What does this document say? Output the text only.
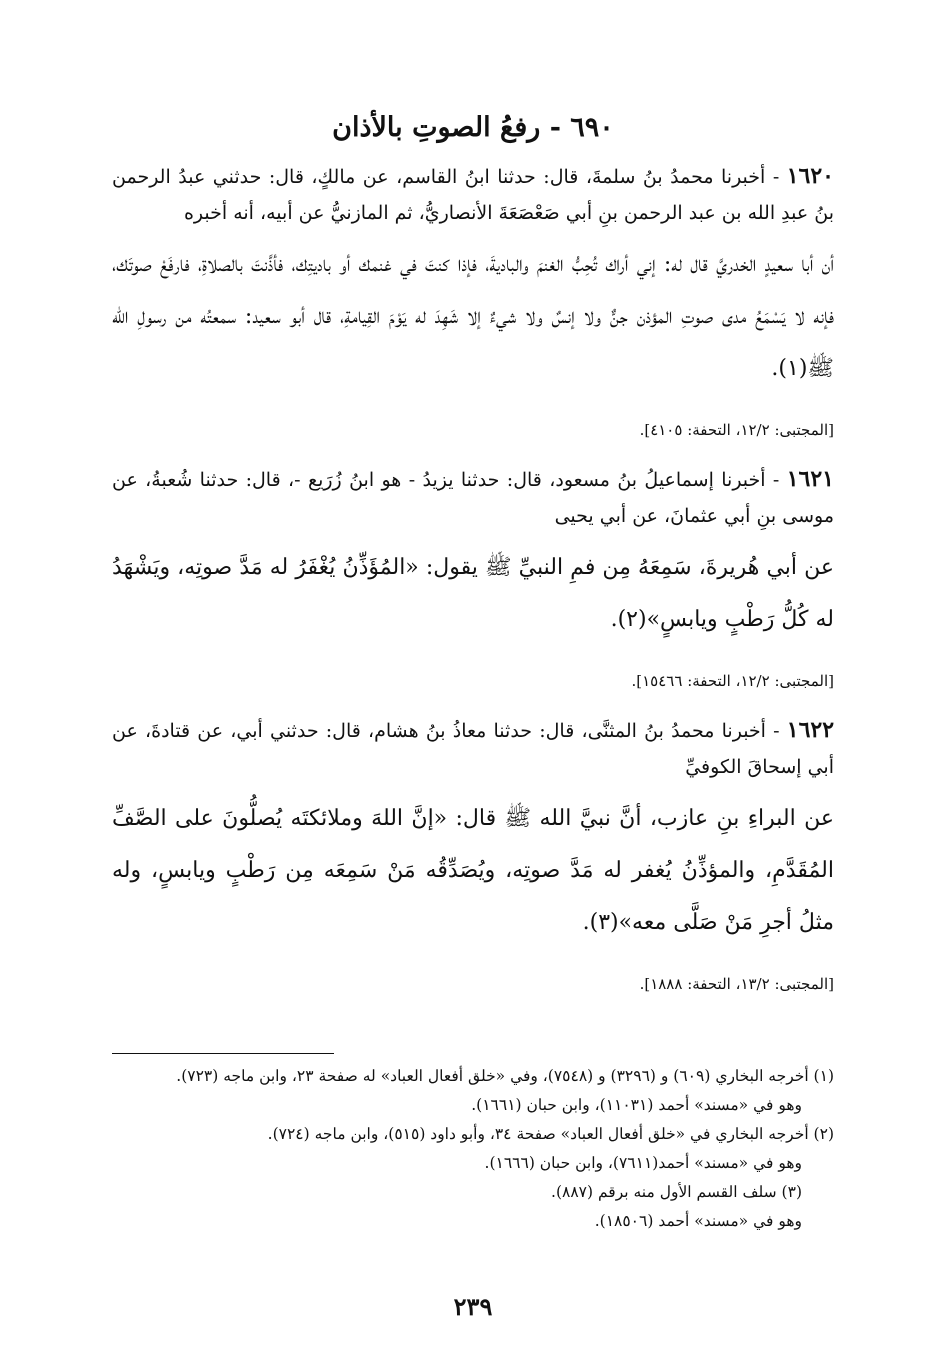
٦٩٠ - رفعُ الصوتِ بالأذان

١٦٢٠ - أخبرنا محمدُ بنُ سلمةَ، قال: حدثنا ابنُ القاسم، عن مالكٍ، قال: حدثني عبدُ الرحمن بنُ عبدِ الله بن عبد الرحمن بنِ أبي صَعْصَعَةَ الأنصاريُّ، ثم المازنيُّ عن أبيه، أنه أخبره

أن أبا سعيدٍ الخدريَّ قال له: إني أراك تُحِبُّ الغنمَ والباديةَ، فإذا كنتَ في غنمك أو باديتِك، فأذَّنتَ بالصلاةِ، فارفَعْ صوتَك، فإنه لا يَسْمَعُ مدى صوتِ المؤذن جنٌّ ولا إنسٌ ولا شيءٌ إلا شَهِدَ له يَوْمَ القِيامةِ، قال أبو سعيد: سمعتُه من رسولِ الله ﷺ(١).

[المجتبى: ١٢/٢، التحفة: ٤١٠٥].

١٦٢١ - أخبرنا إسماعيلُ بنُ مسعود، قال: حدثنا يزيدُ - هو ابنُ زُرَيع -، قال: حدثنا شُعبةُ، عن موسى بنِ أبي عثمانَ، عن أبي يحيى

عن أبي هُريرةَ، سَمِعَهُ مِن فمِ النبيِّ ﷺ يقول: «المُؤَذِّنُ يُغْفَرُ له مَدَّ صوتِه، ويَشْهَدُ له كُلُّ رَطْبٍ ويابسٍ»(٢).

[المجتبى: ١٢/٢، التحفة: ١٥٤٦٦].

١٦٢٢ - أخبرنا محمدُ بنُ المثنَّى، قال: حدثنا معاذُ بنُ هشام، قال: حدثني أبي، عن قتادةَ، عن أبي إسحاقَ الكوفيِّ

عن البراءِ بنِ عازب، أنَّ نبيَّ الله ﷺ قال: «إنَّ اللهَ وملائكتَه يُصلُّونَ على الصَّفِّ المُقَدَّمِ، والمؤذِّنُ يُغفر له مَدَّ صوتِه، ويُصَدِّقُه مَنْ سَمِعَه مِن رَطْبٍ ويابسٍ، وله مثلُ أجرِ مَنْ صَلَّى معه»(٣).

[المجتبى: ١٣/٢، التحفة: ١٨٨٨].

(١) أخرجه البخاري (٦٠٩) و (٣٢٩٦) و (٧٥٤٨)، وفي «خلق أفعال العباد» له صفحة ٢٣، وابن ماجه (٧٢٣).

وهو في «مسند» أحمد (١١٠٣١)، وابن حبان (١٦٦١).

(٢) أخرجه البخاري في «خلق أفعال العباد» صفحة ٣٤، وأبو داود (٥١٥)، وابن ماجه (٧٢٤).

وهو في «مسند» أحمد(٧٦١١)، وابن حبان (١٦٦٦).

(٣) سلف القسم الأول منه برقم (٨٨٧).

وهو في «مسند» أحمد (١٨٥٠٦).

٢٣٩
